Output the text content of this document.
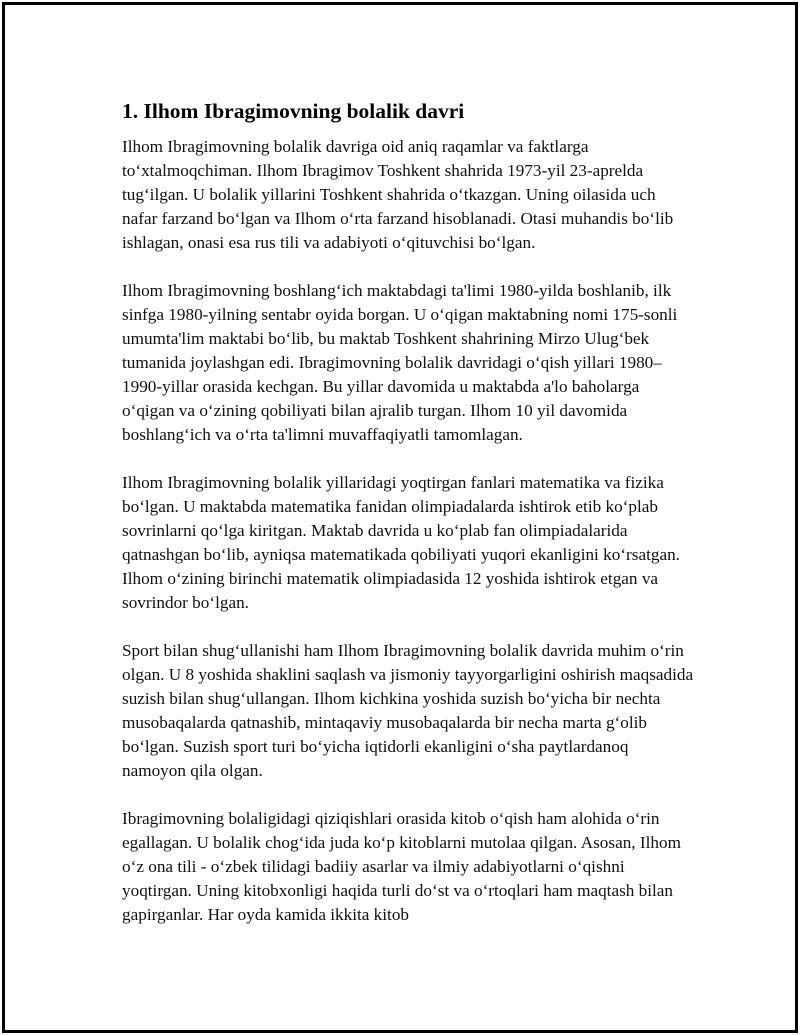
1. Ilhom Ibragimovning bolalik davri

Ilhom Ibragimovning bolalik davriga oid aniq raqamlar va faktlarga to‘xtalmoqchiman. Ilhom Ibragimov Toshkent shahrida 1973-yil 23-aprelda tug‘ilgan. U bolalik yillarini Toshkent shahrida o‘tkazgan. Uning oilasida uch nafar farzand bo‘lgan va Ilhom o‘rta farzand hisoblanadi. Otasi muhandis bo‘lib ishlagan, onasi esa rus tili va adabiyoti o‘qituvchisi bo‘lgan.

Ilhom Ibragimovning boshlang‘ich maktabdagi ta'limi 1980-yilda boshlanib, ilk sinfga 1980-yilning sentabr oyida borgan. U o‘qigan maktabning nomi 175-sonli umumta'lim maktabi bo‘lib, bu maktab Toshkent shahrining Mirzo Ulug‘bek tumanida joylashgan edi. Ibragimovning bolalik davridagi o‘qish yillari 1980–1990-yillar orasida kechgan. Bu yillar davomida u maktabda a'lo baholarga o‘qigan va o‘zining qobiliyati bilan ajralib turgan. Ilhom 10 yil davomida boshlang‘ich va o‘rta ta'limni muvaffaqiyatli tamomlagan.

Ilhom Ibragimovning bolalik yillaridagi yoqtirgan fanlari matematika va fizika bo‘lgan. U maktabda matematika fanidan olimpiadalarda ishtirok etib ko‘plab sovrinlarni qo‘lga kiritgan. Maktab davrida u ko‘plab fan olimpiadalarida qatnashgan bo‘lib, ayniqsa matematikada qobiliyati yuqori ekanligini ko‘rsatgan. Ilhom o‘zining birinchi matematik olimpiadasida 12 yoshida ishtirok etgan va sovrindor bo‘lgan.

Sport bilan shug‘ullanishi ham Ilhom Ibragimovning bolalik davrida muhim o‘rin olgan. U 8 yoshida shaklini saqlash va jismoniy tayyorgarligini oshirish maqsadida suzish bilan shug‘ullangan. Ilhom kichkina yoshida suzish bo‘yicha bir nechta musobaqalarda qatnashib, mintaqaviy musobaqalarda bir necha marta g‘olib bo‘lgan. Suzish sport turi bo‘yicha iqtidorli ekanligini o‘sha paytlardanoq namoyon qila olgan.

Ibragimovning bolaligidagi qiziqishlari orasida kitob o‘qish ham alohida o‘rin egallagan. U bolalik chog‘ida juda ko‘p kitoblarni mutolaa qilgan. Asosan, Ilhom o‘z ona tili - o‘zbek tilidagi badiiy asarlar va ilmiy adabiyotlarni o‘qishni yoqtirgan. Uning kitobxonligi haqida turli do‘st va o‘rtoqlari ham maqtash bilan gapirganlar. Har oyda kamida ikkita kitob
